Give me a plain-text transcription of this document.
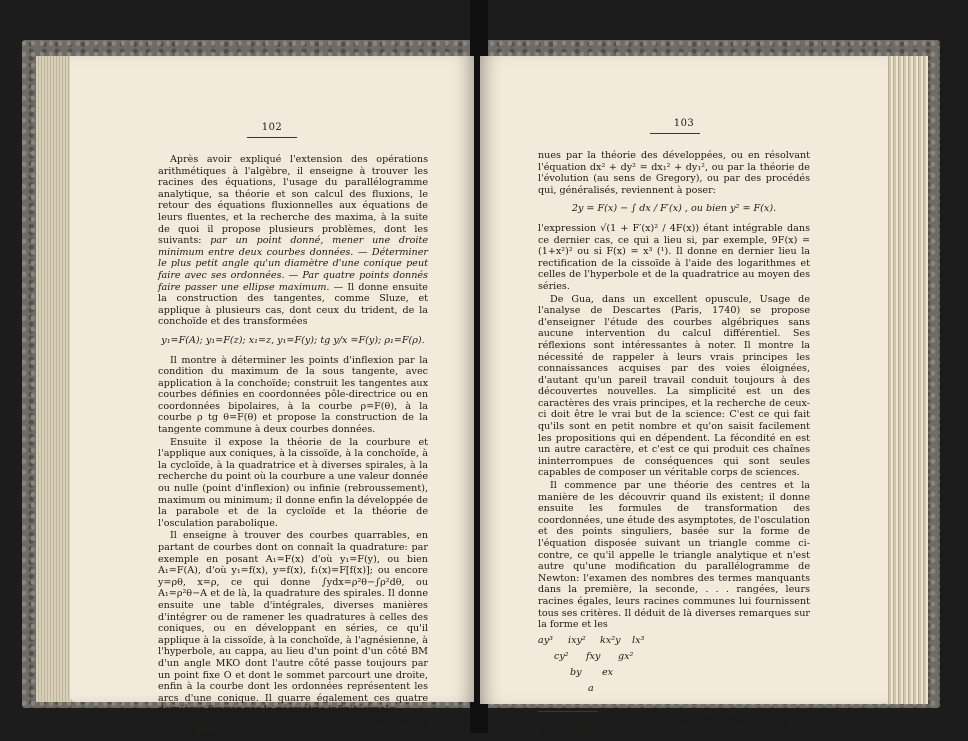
102

Après avoir expliqué l'extension des opérations arithmétiques à l'algèbre, il enseigne à trouver les racines des équations, l'usage du parallélogramme analytique, sa théorie et son calcul des fluxions, le retour des équations fluxionnelles aux équations de leurs fluentes, et la recherche des maxima, à la suite de quoi il propose plusieurs problèmes, dont les suivants: par un point donné, mener une droite minimum entre deux courbes données. — Déterminer le plus petit angle qu'un diamètre d'une conique peut faire avec ses ordonnées. — Par quatre points donnés faire passer une ellipse maximum. — Il donne ensuite la construction des tangentes, comme Sluze, et applique à plusieurs cas, dont ceux du trident, de la conchoïde et des transformées

y₁=F(A); y₁=F(z); x₁=z, y₁=F(y); tg y/x =F(y); ρ₁=F(ρ).

Il montre à déterminer les points d'inflexion par la condition du maximum de la sous tangente, avec application à la conchoïde; construit les tangentes aux courbes définies en coordonnées pôle-directrice ou en coordonnées bipolaires, à la courbe ρ=F(θ), à la courbe ρ tg θ=F(θ) et propose la construction de la tangente commune à deux courbes données.

Ensuite il expose la théorie de la courbure et l'applique aux coniques, à la cissoïde, à la conchoïde, à la cycloïde, à la quadratrice et à diverses spirales, à la recherche du point où la courbure a une valeur donnée ou nulle (point d'inflexion) ou infinie (rebroussement), maximum ou minimum; il donne enfin la développée de la parabole et de la cycloïde et la théorie de l'osculation parabolique.

Il enseigne à trouver des courbes quarrables, en partant de courbes dont on connaît la quadrature: par exemple en posant A₁=F(x) d'où y₁=F(y), ou bien A₁=F(A), d'où y₁=f(x), y=f(x), f₁(x)=F[f(x)]; ou encore y=ρθ, x=ρ, ce qui donne ∫ydx=ρ²θ−∫ρ²dθ, ou A₁=ρ²θ−A et de là, la quadrature des spirales. Il donne ensuite une table d'intégrales, diverses manières d'intégrer ou de ramener les quadratures à celles des coniques, ou en développant en séries, ce qu'il applique à la cissoïde, à la conchoïde, à l'agnésienne, à l'hyperbole, au cappa, au lieu d'un point d'un côté BM d'un angle MKO dont l'autre côté passe toujours par un point fixe O et dont le sommet parcourt une droite, enfin à la courbe dont les ordonnées représentent les arcs d'une conique. Il quarre également ces quatre dernières figures par la géométrie infinitésimale.

Newton termine par diverses rectifications de courbes obte-

103

nues par la théorie des développées, ou en résolvant l'équation dx² + dy² = dx₁² + dy₁², ou par la théorie de l'évolution (au sens de Gregory), ou par des procédés qui, généralisés, reviennent à poser:

2y = F(x) − ∫ dx / F′(x) , ou bien y² = F(x).

l'expression √(1 + F′(x)² / 4F(x)) étant intégrable dans ce dernier cas, ce qui a lieu si, par exemple, 9F(x) = (1+x²)² ou si F(x) = x³ (¹). Il donne en dernier lieu la rectification de la cissoïde à l'aide des logarithmes et celles de l'hyperbole et de la quadratrice au moyen des séries.

De Gua, dans un excellent opuscule, Usage de l'analyse de Descartes (Paris, 1740) se propose d'enseigner l'étude des courbes algébriques sans aucune intervention du calcul différentiel. Ses réflexions sont intéressantes à noter. Il montre la nécessité de rappeler à leurs vrais principes les connaissances acquises par des voies éloignées, d'autant qu'un pareil travail conduit toujours à des découvertes nouvelles. La simplicité est un des caractères des vrais principes, et la recherche de ceux-ci doit être le vrai but de la science: C'est ce qui fait qu'ils sont en petit nombre et qu'on saisit facilement les propositions qui en dépendent. La fécondité en est un autre caractère, et c'est ce qui produit ces chaînes ininterrompues de conséquences qui sont seules capables de composer un véritable corps de sciences.

Il commence par une théorie des centres et la manière de les découvrir quand ils existent; il donne ensuite les formules de transformation des coordonnées, une étude des asymptotes, de l'osculation et des points singuliers, basée sur la forme de l'équation disposée suivant un triangle comme ci-contre, ce qu'il appelle le triangle analytique et n'est autre qu'une modification du parallélogramme de Newton: l'examen des nombres des termes manquants dans la première, la seconde, . . . rangées, leurs racines égales, leurs racines communes lui fournissent tous ses critères. Il déduit de là diverses remarques sur la forme et les

ay³ ixy² kx²y lx³
cy² fxy gx²
by ex
a

(¹) Courbe fermée à trois points doubles. Ce nom est dû à de Bragelongue.
